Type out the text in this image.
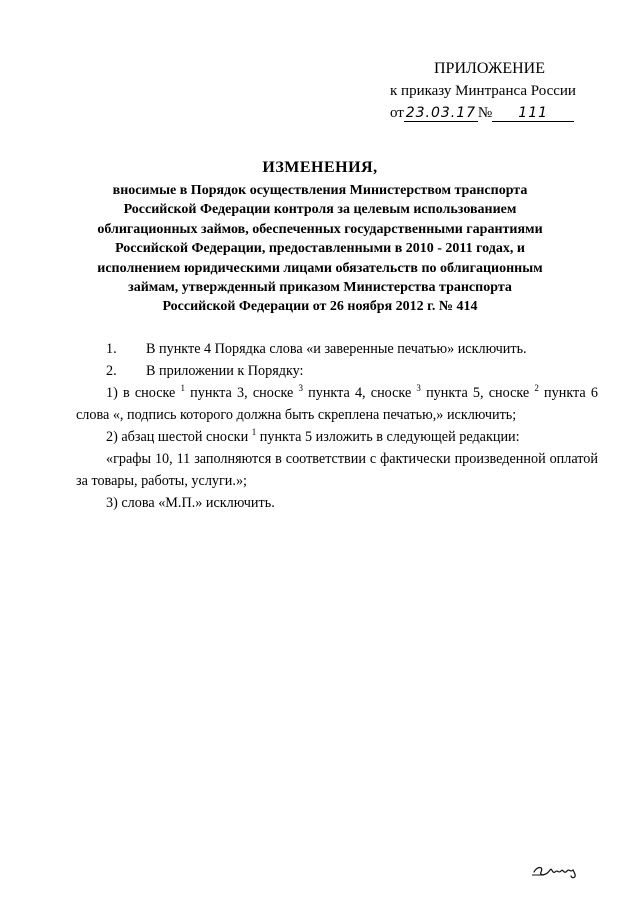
ПРИЛОЖЕНИЕ
к приказу Минтранса России
от 23.03.17 № 111
ИЗМЕНЕНИЯ,
вносимые в Порядок осуществления Министерством транспорта
Российской Федерации контроля за целевым использованием
облигационных займов, обеспеченных государственными гарантиями
Российской Федерации, предоставленными в 2010 - 2011 годах, и
исполнением юридическими лицами обязательств по облигационным
займам, утвержденный приказом Министерства транспорта
Российской Федерации от 26 ноября 2012 г. № 414
1. В пункте 4 Порядка слова «и заверенные печатью» исключить.
2. В приложении к Порядку:
1) в сноске $^1$ пункта 3, сноске $^3$ пункта 4, сноске $^3$ пункта 5, сноске $^2$ пункта 6 слова «, подпись которого должна быть скреплена печатью,» исключить;
2) абзац шестой сноски $^1$ пункта 5 изложить в следующей редакции:
«графы 10, 11 заполняются в соответствии с фактически произведенной оплатой за товары, работы, услуги.»;
3) слова «М.П.» исключить.
